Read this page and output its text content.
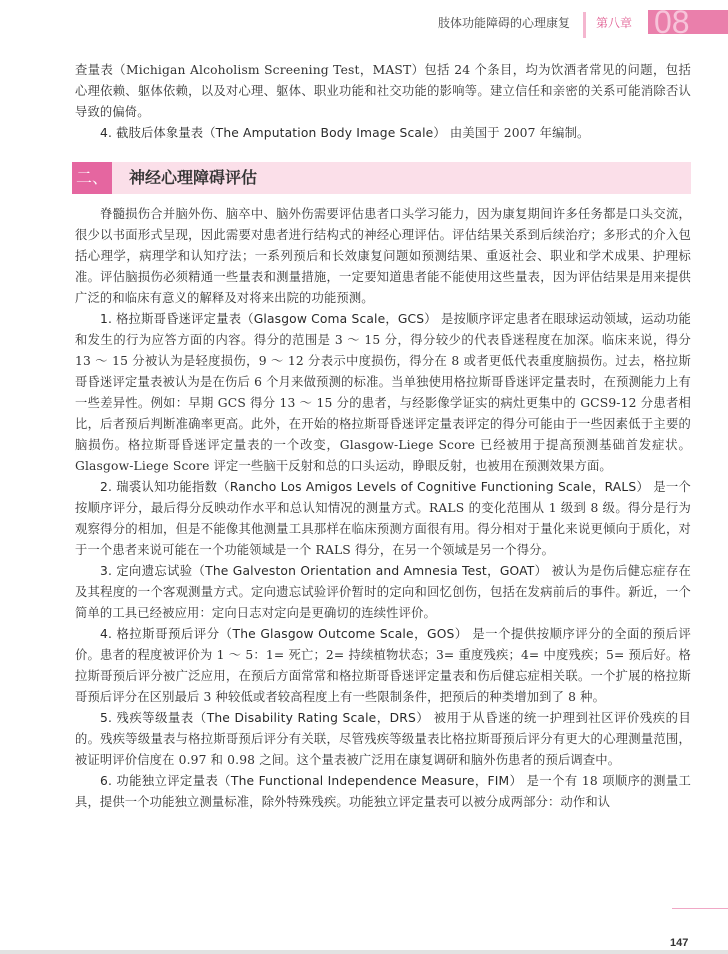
肢体功能障碍的心理康复 第八章 08

查量表（Michigan Alcoholism Screening Test，MAST）包括 24 个条目，均为饮酒者常见的问题，包括心理依赖、躯体依赖，以及对心理、躯体、职业功能和社交功能的影响等。建立信任和亲密的关系可能消除否认导致的偏倚。

4. 截肢后体象量表（The Amputation Body Image Scale） 由美国于 2007 年编制。

脊髓损伤合并脑外伤、脑卒中、脑外伤需要评估患者口头学习能力，因为康复期间许多任务都是口头交流，很少以书面形式呈现，因此需要对患者进行结构式的神经心理评估。评估结果关系到后续治疗；多形式的介入包括心理学，病理学和认知疗法；一系列预后和长效康复问题如预测结果、重返社会、职业和学术成果、护理标准。评估脑损伤必须精通一些量表和测量措施，一定要知道患者能不能使用这些量表，因为评估结果是用来提供广泛的和临床有意义的解释及对将来出院的功能预测。

1. 格拉斯哥昏迷评定量表（Glasgow Coma Scale，GCS） 是按顺序评定患者在眼球运动领域，运动功能和发生的行为应答方面的内容。得分的范围是 3 ～ 15 分，得分较少的代表昏迷程度在加深。临床来说，得分 13 ～ 15 分被认为是轻度损伤，9 ～ 12 分表示中度损伤，得分在 8 或者更低代表重度脑损伤。过去，格拉斯哥昏迷评定量表被认为是在伤后 6 个月来做预测的标准。当单独使用格拉斯哥昏迷评定量表时，在预测能力上有一些差异性。例如：早期 GCS 得分 13 ～ 15 分的患者，与经影像学证实的病灶更集中的 GCS9-12 分患者相比，后者预后判断准确率更高。此外，在开始的格拉斯哥昏迷评定量表评定的得分可能由于一些因素低于主要的脑损伤。格拉斯哥昏迷评定量表的一个改变，Glasgow-Liege Score 已经被用于提高预测基础首发症状。Glasgow-Liege Score 评定一些脑干反射和总的口头运动，睁眼反射，也被用在预测效果方面。

2. 瑞裘认知功能指数（Rancho Los Amigos Levels of Cognitive Functioning Scale，RALS） 是一个按顺序评分，最后得分反映动作水平和总认知情况的测量方式。RALS 的变化范围从 1 级到 8 级。得分是行为观察得分的相加，但是不能像其他测量工具那样在临床预测方面很有用。得分相对于量化来说更倾向于质化，对于一个患者来说可能在一个功能领域是一个 RALS 得分，在另一个领域是另一个得分。

3. 定向遗忘试验（The Galveston Orientation and Amnesia Test，GOAT） 被认为是伤后健忘症存在及其程度的一个客观测量方式。定向遗忘试验评价暂时的定向和回忆创伤，包括在发病前后的事件。新近，一个简单的工具已经被应用：定向日志对定向是更确切的连续性评价。

4. 格拉斯哥预后评分（The Glasgow Outcome Scale，GOS） 是一个提供按顺序评分的全面的预后评价。患者的程度被评价为 1 ～ 5：1= 死亡；2= 持续植物状态；3= 重度残疾；4= 中度残疾；5= 预后好。格拉斯哥预后评分被广泛应用，在预后方面常常和格拉斯哥昏迷评定量表和伤后健忘症相关联。一个扩展的格拉斯哥预后评分在区别最后 3 种较低或者较高程度上有一些限制条件，把预后的种类增加到了 8 种。

5. 残疾等级量表（The Disability Rating Scale，DRS） 被用于从昏迷的统一护理到社区评价残疾的目的。残疾等级量表与格拉斯哥预后评分有关联，尽管残疾等级量表比格拉斯哥预后评分有更大的心理测量范围，被证明评价信度在 0.97 和 0.98 之间。这个量表被广泛用在康复调研和脑外伤患者的预后调查中。

6. 功能独立评定量表（The Functional Independence Measure，FIM） 是一个有 18 项顺序的测量工具，提供一个功能独立测量标准，除外特殊残疾。功能独立评定量表可以被分成两部分：动作和认

二、 神经心理障碍评估
147
